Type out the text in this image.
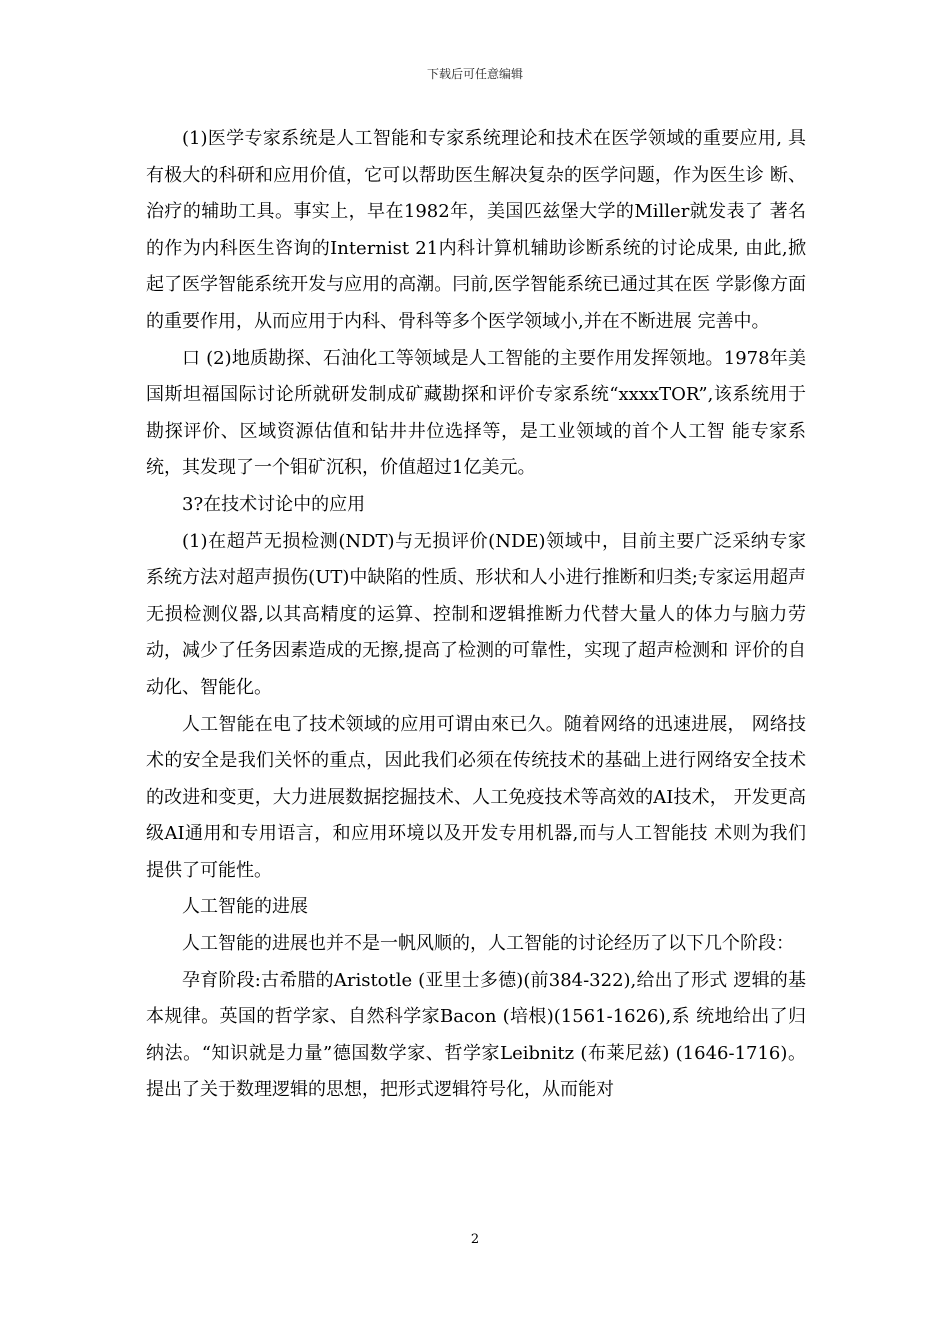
下载后可任意编辑

(1)医学专家系统是人工智能和专家系统理论和技术在医学领域的重要应用, 具有极大的科研和应用价值，它可以帮助医生解决复杂的医学问题，作为医生诊 断、治疗的辅助工具。事实上，早在1982年，美国匹兹堡大学的Miller就发表了 著名的作为内科医生咨询的Internist 21内科计算机辅助诊断系统的讨论成果, 由此,掀起了医学智能系统开发与应用的高潮。冃前,医学智能系统已通过其在医 学影像方面的重要作用，从而应用于内科、骨科等多个医学领域小,并在不断进展 完善中。

口 (2)地质勘探、石油化工等领域是人工智能的主要作用发挥领地。1978年美 国斯坦福国际讨论所就研发制成矿藏勘探和评价专家系统“xxxxTOR”,该系统用于勘探评价、区域资源估值和钻井井位选择等，是工业领域的首个人工智 能专家系统，其发现了一个钼矿沉积，价值超过1亿美元。

3?在技术讨论中的应用

(1)在超芦无损检测(NDT)与无损评价(NDE)领域中，目前主要广泛采纳专家系统方法对超声损伤(UT)中缺陷的性质、形状和人小进行推断和归类;专家运用超声无损检测仪器,以其高精度的运算、控制和逻辑推断力代替大量人的体力与脑力劳动，减少了任务因素造成的无擦,提高了检测的可靠性，实现了超声检测和 评价的自动化、智能化。

人工智能在电了技术领域的应用可谓由來已久。随着网络的迅速进展， 网络技术的安全是我们关怀的重点，因此我们必须在传统技术的基础上进行网络安全技术的改进和变更，大力进展数据挖掘技术、人工免疫技术等高效的AI技术， 开发更高级AI通用和专用语言，和应用环境以及开发专用机器,而与人工智能技 术则为我们提供了可能性。

人工智能的进展

人工智能的进展也并不是一帆风顺的，人工智能的讨论经历了以下几个阶段：

孕育阶段:古希腊的Aristotle (亚里士多德)(前384-322),给出了形式 逻辑的基本规律。英国的哲学家、自然科学家Bacon (培根)(1561-1626),系 统地给出了归纳法。“知识就是力量”德国数学家、哲学家Leibnitz (布莱尼兹) (1646-1716)。提出了关于数理逻辑的思想，把形式逻辑符号化，从而能对

2
